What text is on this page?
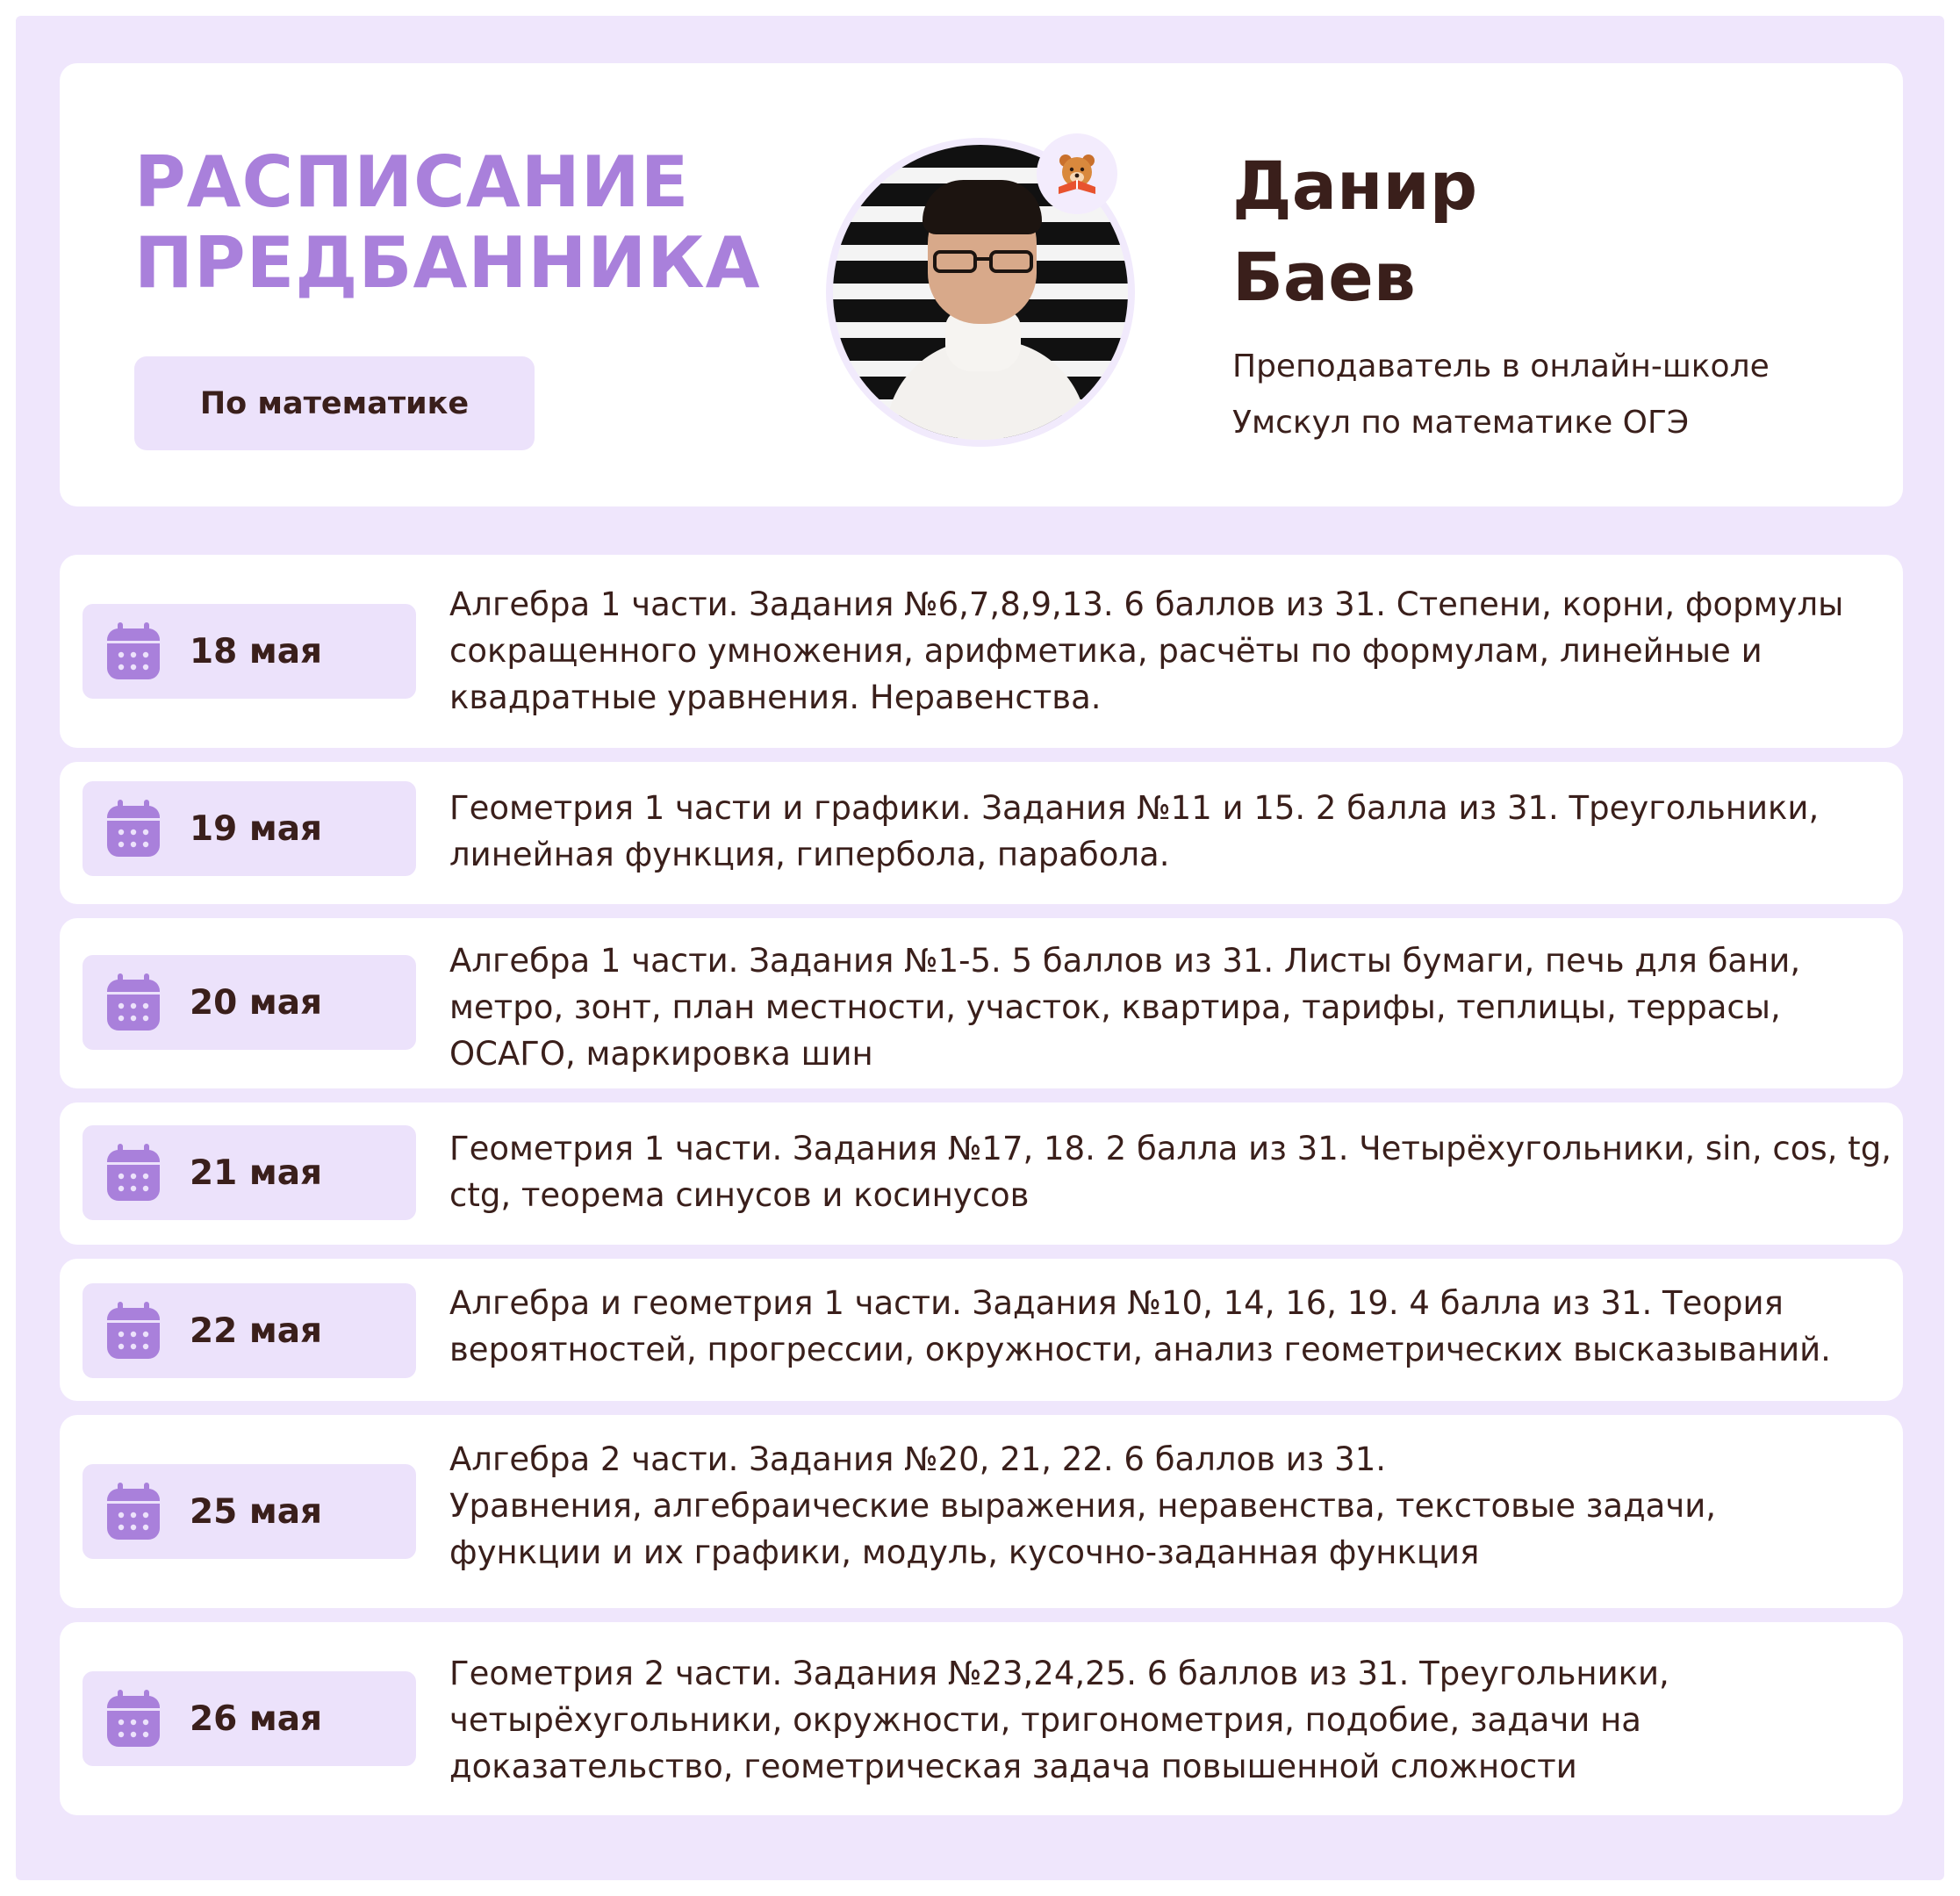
РАСПИСАНИЕ
ПРЕДБАННИКА
По математике
Данир
Баев
Преподаватель в онлайн-школе
Умскул по математике ОГЭ
18 мая
Алгебра 1 части. Задания №6,7,8,9,13. 6 баллов из 31. Степени, корни, формулы
сокращенного умножения, арифметика, расчёты по формулам, линейные и
квадратные уравнения. Неравенства.
19 мая
Геометрия 1 части и графики. Задания №11 и 15. 2 балла из 31. Треугольники,
линейная функция, гипербола, парабола.
20 мая
Алгебра 1 части. Задания №1-5. 5 баллов из 31. Листы бумаги, печь для бани,
метро, зонт, план местности, участок, квартира, тарифы, теплицы, террасы,
ОСАГО, маркировка шин
21 мая
Геометрия 1 части. Задания №17, 18. 2 балла из 31. Четырёхугольники, sin, cos, tg,
ctg, теорема синусов и косинусов
22 мая
Алгебра и геометрия 1 части. Задания №10, 14, 16, 19. 4 балла из 31. Теория
вероятностей, прогрессии, окружности, анализ геометрических высказываний.
25 мая
Алгебра 2 части. Задания №20, 21, 22. 6 баллов из 31.
Уравнения, алгебраические выражения, неравенства, текстовые задачи,
функции и их графики, модуль, кусочно-заданная функция
26 мая
Геометрия 2 части. Задания №23,24,25. 6 баллов из 31. Треугольники,
четырёхугольники, окружности, тригонометрия, подобие, задачи на
доказательство, геометрическая задача повышенной сложности
